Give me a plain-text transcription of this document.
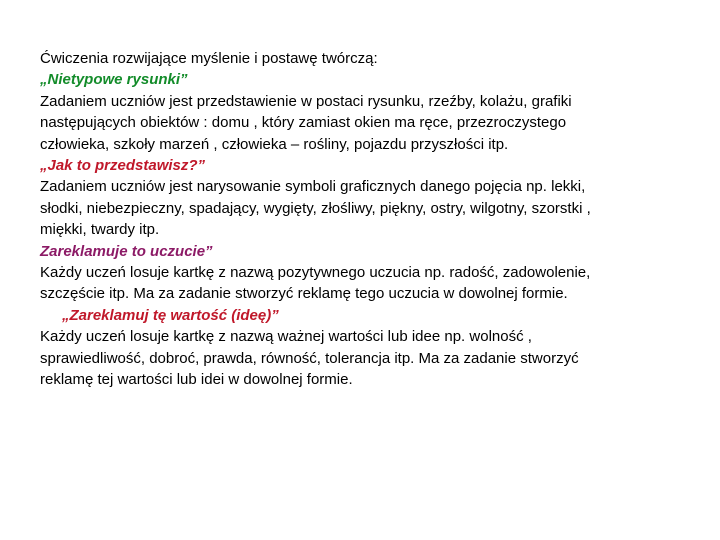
Ćwiczenia rozwijające myślenie i postawę twórczą:
„Nietypowe rysunki”
Zadaniem uczniów jest przedstawienie w postaci rysunku, rzeźby, kolażu, grafiki
następujących obiektów : domu , który zamiast okien ma ręce, przezroczystego
człowieka, szkoły marzeń , człowieka – rośliny, pojazdu przyszłości itp.
„Jak to przedstawisz?”
Zadaniem uczniów jest narysowanie symboli graficznych danego pojęcia np. lekki,
słodki, niebezpieczny, spadający, wygięty, złośliwy, piękny, ostry, wilgotny, szorstki ,
miękki, twardy itp.
Zareklamuje to uczucie”
Każdy uczeń losuje kartkę z nazwą pozytywnego uczucia np. radość, zadowolenie,
szczęście itp. Ma za zadanie stworzyć reklamę tego uczucia w dowolnej formie.
„Zareklamuj tę wartość (ideę)”
Każdy uczeń losuje kartkę z nazwą ważnej wartości lub idee np. wolność ,
sprawiedliwość, dobroć, prawda, równość, tolerancja itp. Ma za zadanie stworzyć
reklamę tej wartości lub idei w dowolnej formie.
